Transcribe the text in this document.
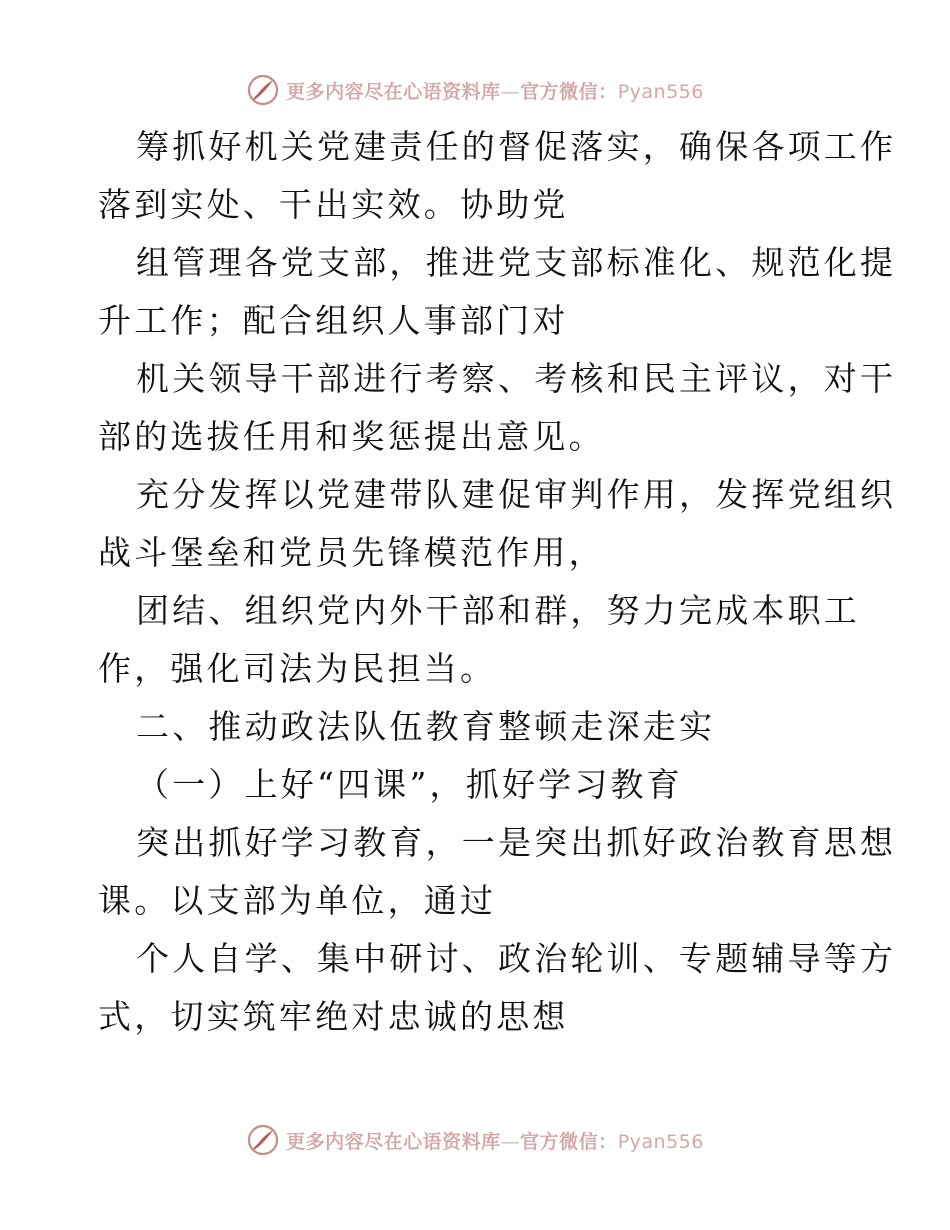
更多内容尽在心语资料库—官方微信：Pyan556
筹抓好机关党建责任的督促落实，确保各项工作
落到实处、干出实效。协助党
组管理各党支部，推进党支部标准化、规范化提
升工作；配合组织人事部门对
机关领导干部进行考察、考核和民主评议，对干
部的选拔任用和奖惩提出意见。
充分发挥以党建带队建促审判作用，发挥党组织
战斗堡垒和党员先锋模范作用，
团结、组织党内外干部和群，努力完成本职工
作，强化司法为民担当。
二、推动政法队伍教育整顿走深走实
（一）上好“四课”，抓好学习教育
突出抓好学习教育，一是突出抓好政治教育思想
课。以支部为单位，通过
个人自学、集中研讨、政治轮训、专题辅导等方
式，切实筑牢绝对忠诚的思想
更多内容尽在心语资料库—官方微信：Pyan556
